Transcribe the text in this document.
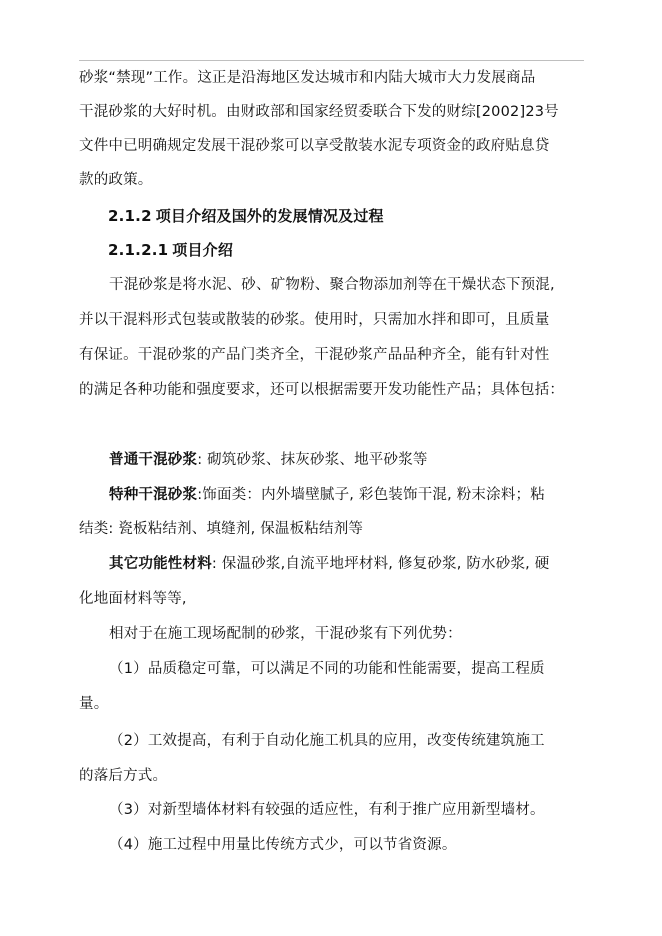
砂浆“禁现”工作。这正是沿海地区发达城市和内陆大城市大力发展商品
干混砂浆的大好时机。由财政部和国家经贸委联合下发的财综[2002]23号
文件中已明确规定发展干混砂浆可以享受散装水泥专项资金的政府贴息贷
款的政策。
2.1.2 项目介绍及国外的发展情况及过程
2.1.2.1 项目介绍
干混砂浆是将水泥、砂、矿物粉、聚合物添加剂等在干燥状态下预混,
并以干混料形式包装或散装的砂浆。使用时，只需加水拌和即可，且质量
有保证。干混砂浆的产品门类齐全，干混砂浆产品品种齐全，能有针对性
的满足各种功能和强度要求，还可以根据需要开发功能性产品；具体包括：
普通干混砂浆: 砌筑砂浆、抹灰砂浆、地平砂浆等
特种干混砂浆:饰面类：内外墙壁腻子, 彩色装饰干混, 粉末涂料；粘
结类: 瓷板粘结剂、填缝剂, 保温板粘结剂等
其它功能性材料: 保温砂浆,自流平地坪材料, 修复砂浆, 防水砂浆, 硬
化地面材料等等,
相对于在施工现场配制的砂浆，干混砂浆有下列优势：
（1）品质稳定可靠，可以满足不同的功能和性能需要，提高工程质
量。
（2）工效提高，有利于自动化施工机具的应用，改变传统建筑施工
的落后方式。
（3）对新型墙体材料有较强的适应性，有利于推广应用新型墙材。
（4）施工过程中用量比传统方式少，可以节省资源。
